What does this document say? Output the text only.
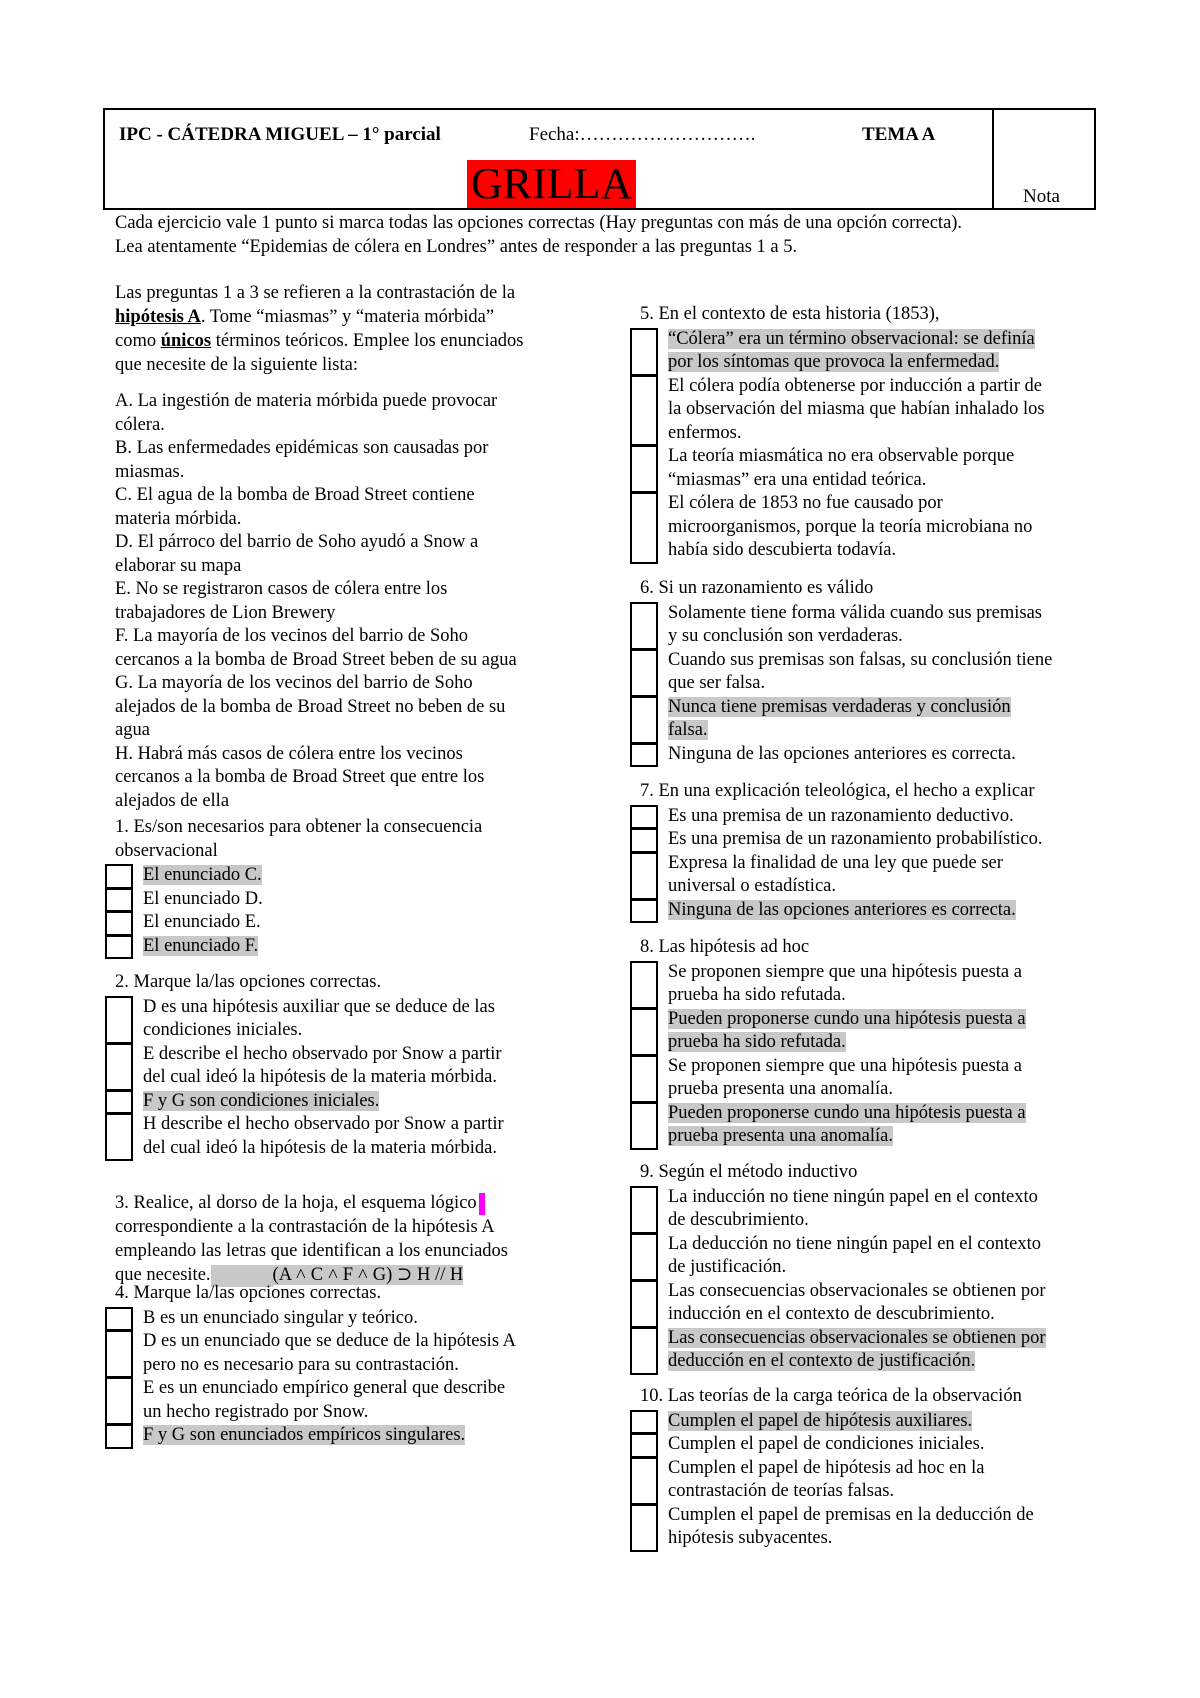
IPC - CÁTEDRA MIGUEL – 1° parcial	Fecha:……………………….	TEMA A
GRILLA	Nota
Cada ejercicio vale 1 punto si marca todas las opciones correctas (Hay preguntas con más de una opción correcta).
Lea atentamente “Epidemias de cólera en Londres” antes de responder a las preguntas 1 a 5.
Las preguntas 1 a 3 se refieren a la contrastación de la
hipótesis A. Tome “miasmas” y “materia mórbida”
como únicos términos teóricos. Emplee los enunciados
que necesite de la siguiente lista:
A. La ingestión de materia mórbida puede provocar
cólera.
B. Las enfermedades epidémicas son causadas por
miasmas.
C. El agua de la bomba de Broad Street contiene
materia mórbida.
D. El párroco del barrio de Soho ayudó a Snow a
elaborar su mapa
E. No se registraron casos de cólera entre los
trabajadores de Lion Brewery
F. La mayoría de los vecinos del barrio de Soho
cercanos a la bomba de Broad Street beben de su agua
G. La mayoría de los vecinos del barrio de Soho
alejados de la bomba de Broad Street no beben de su
agua
H. Habrá más casos de cólera entre los vecinos
cercanos a la bomba de Broad Street que entre los
alejados de ella
1. Es/son necesarios para obtener la consecuencia
observacional
El enunciado C.
El enunciado D.
El enunciado E.
El enunciado F.
2. Marque la/las opciones correctas.
D es una hipótesis auxiliar que se deduce de las
condiciones iniciales.
E describe el hecho observado por Snow a partir
del cual ideó la hipótesis de la materia mórbida.
F y G son condiciones iniciales.
H describe el hecho observado por Snow a partir
del cual ideó la hipótesis de la materia mórbida.
3. Realice, al dorso de la hoja, el esquema lógico
correspondiente a la contrastación de la hipótesis A
empleando las letras que identifican a los enunciados
que necesite.	(A ˄ C ˄ F ˄ G) ⊃ H // H
4. Marque la/las opciones correctas.
B es un enunciado singular y teórico.
D es un enunciado que se deduce de la hipótesis A
pero no es necesario para su contrastación.
E es un enunciado empírico general que describe
un hecho registrado por Snow.
F y G son enunciados empíricos singulares.
5. En el contexto de esta historia (1853),
“Cólera” era un término observacional: se definía
por los síntomas que provoca la enfermedad.
El cólera podía obtenerse por inducción a partir de
la observación del miasma que habían inhalado los
enfermos.
La teoría miasmática no era observable porque
“miasmas” era una entidad teórica.
El cólera de 1853 no fue causado por
microorganismos, porque la teoría microbiana no
había sido descubierta todavía.
6. Si un razonamiento es válido
Solamente tiene forma válida cuando sus premisas
y su conclusión son verdaderas.
Cuando sus premisas son falsas, su conclusión tiene
que ser falsa.
Nunca tiene premisas verdaderas y conclusión
falsa.
Ninguna de las opciones anteriores es correcta.
7. En una explicación teleológica, el hecho a explicar
Es una premisa de un razonamiento deductivo.
Es una premisa de un razonamiento probabilístico.
Expresa la finalidad de una ley que puede ser
universal o estadística.
Ninguna de las opciones anteriores es correcta.
8. Las hipótesis ad hoc
Se proponen siempre que una hipótesis puesta a
prueba ha sido refutada.
Pueden proponerse cundo una hipótesis puesta a
prueba ha sido refutada.
Se proponen siempre que una hipótesis puesta a
prueba presenta una anomalía.
Pueden proponerse cundo una hipótesis puesta a
prueba presenta una anomalía.
9. Según el método inductivo
La inducción no tiene ningún papel en el contexto
de descubrimiento.
La deducción no tiene ningún papel en el contexto
de justificación.
Las consecuencias observacionales se obtienen por
inducción en el contexto de descubrimiento.
Las consecuencias observacionales se obtienen por
deducción en el contexto de justificación.
10. Las teorías de la carga teórica de la observación
Cumplen el papel de hipótesis auxiliares.
Cumplen el papel de condiciones iniciales.
Cumplen el papel de hipótesis ad hoc en la
contrastación de teorías falsas.
Cumplen el papel de premisas en la deducción de
hipótesis subyacentes.
